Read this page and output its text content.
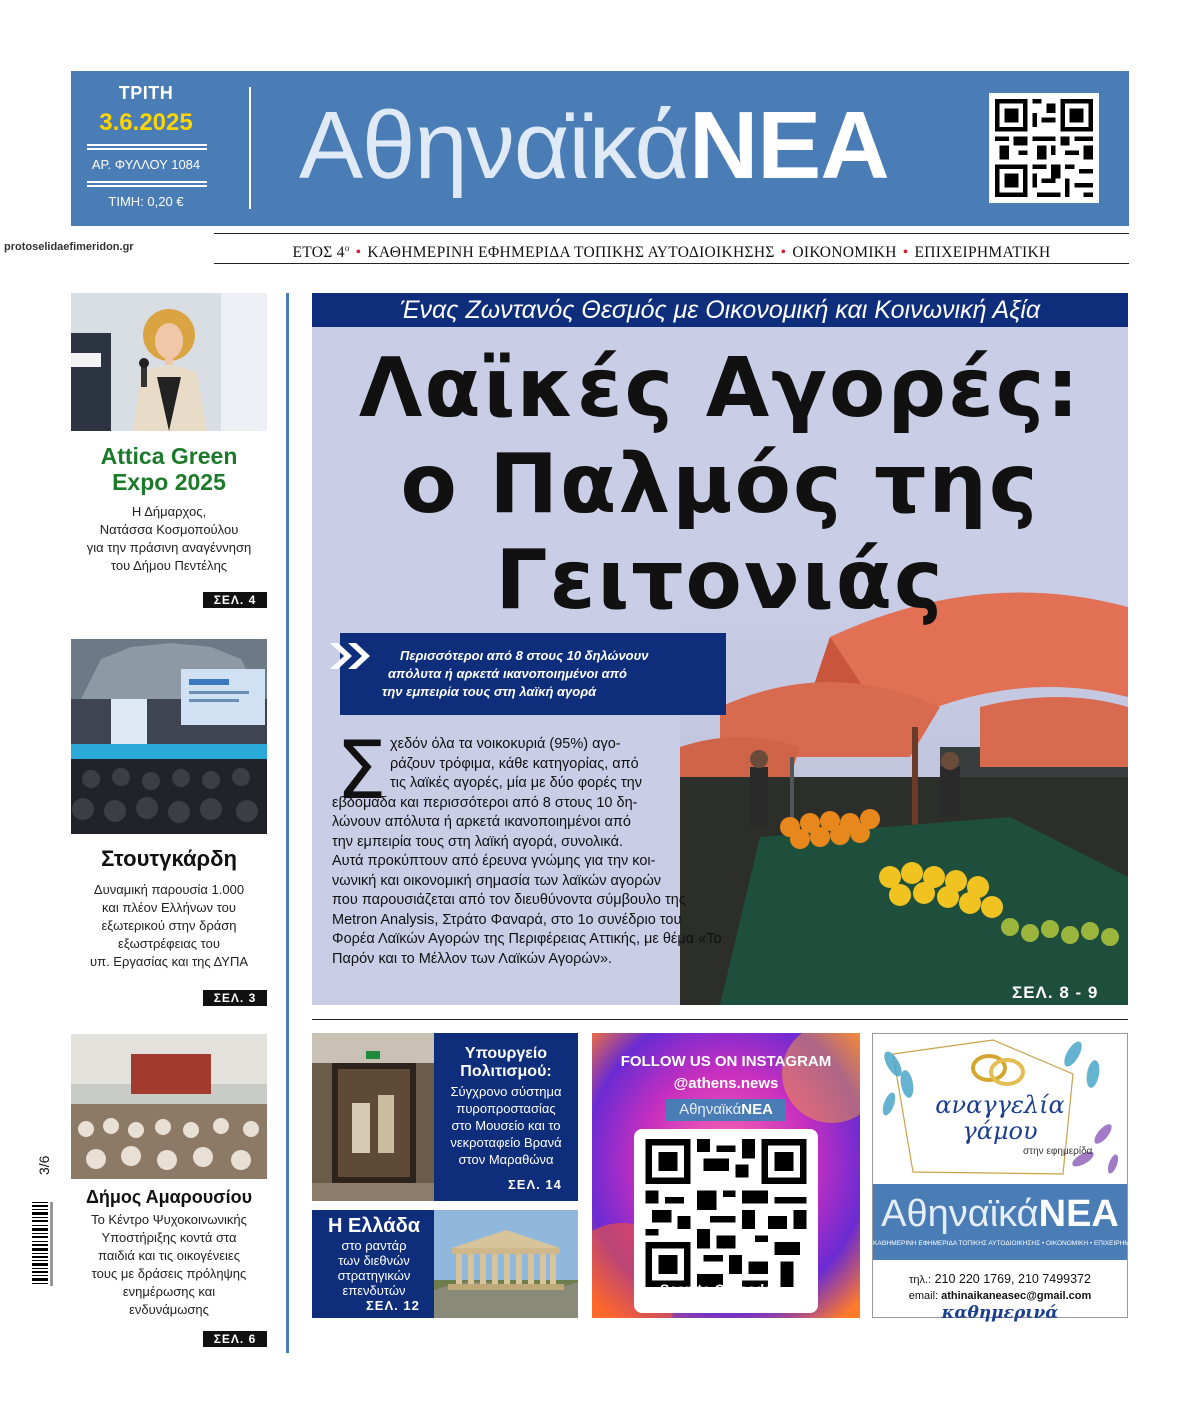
ΤΡΙΤΗ
3.6.2025
ΑΡ. ΦΥΛΛΟΥ 1084
ΤΙΜΗ: 0,20 €
ΑθηναϊκάΝΕΑ
protoselidaefimeridon.gr	ΕΤΟΣ $4^o$ • ΚΑΘΗΜΕΡΙΝΗ ΕΦΗΜΕΡΙΔΑ ΤΟΠΙΚΗΣ ΑΥΤΟΔΙΟΙΚΗΣΗΣ • ΟΙΚΟΝΟΜΙΚΗ • ΕΠΙΧΕΙΡΗΜΑΤΙΚΗ
Attica Green Expo 2025
Η Δήμαρχος,
Νατάσσα Κοσμοπούλου
για την πράσινη αναγέννηση
του Δήμου Πεντέλης
ΣΕΛ. 4
Στουτγκάρδη
Δυναμική παρουσία 1.000
και πλέον Ελλήνων του
εξωτερικού στην δράση
εξωστρέφειας του
υπ. Εργασίας και της ΔΥΠΑ
ΣΕΛ. 3
Δήμος Αμαρουσίου
Το Κέντρο Ψυχοκοινωνικής
Υποστήριξης κοντά στα
παιδιά και τις οικογένειες
τους με δράσεις πρόληψης
ενημέρωσης και
ενδυνάμωσης
ΣΕΛ. 6
3/6
Ένας Ζωντανός Θεσμός με Οικονομική και Κοινωνική Αξία
Λαϊκές Αγορές:
ο Παλμός της
Γειτονιάς
Περισσότεροι από 8 στους 10 δηλώνουν
απόλυτα ή αρκετά ικανοποιημένοι από
την εμπειρία τους στη λαϊκή αγορά
Σ χεδόν όλα τα νοικοκυριά (95%) αγο-
ράζουν τρόφιμα, κάθε κατηγορίας, από
τις λαϊκές αγορές, μία με δύο φορές την
εβδομάδα και περισσότεροι από 8 στους 10 δη-
λώνουν απόλυτα ή αρκετά ικανοποιημένοι από
την εμπειρία τους στη λαϊκή αγορά, συνολικά.
Αυτά προκύπτουν από έρευνα γνώμης για την κοι-
νωνική και οικονομική σημασία των λαϊκών αγορών
που παρουσιάζεται από τον διευθύνοντα σύμβουλο της
Metron Analysis, Στράτο Φαναρά, στο 1ο συνέδριο του
Φορέα Λαϊκών Αγορών της Περιφέρειας Αττικής, με θέμα «Το
Παρόν και το Μέλλον των Λαϊκών Αγορών».
ΣΕΛ. 8 - 9
Υπουργείο
Πολιτισμού:
Σύγχρονο σύστημα
πυροπροστασίας
στο Μουσείο και το
νεκροταφείο Βρανά
στον Μαραθώνα
ΣΕΛ. 14
Η Ελλάδα
στο ραντάρ
των διεθνών
στρατηγικών
επενδυτών
ΣΕΛ. 12
FOLLOW US ON INSTAGRAM
@athens.news
ΑθηναϊκάΝΕΑ
Scan to QR code
αναγγελία
γάμου
στην εφημερίδα
ΑθηναϊκάΝΕΑ
ΚΑΘΗΜΕΡΙΝΗ ΕΦΗΜΕΡΙΔΑ ΤΟΠΙΚΗΣ ΑΥΤΟΔΙΟΙΚΗΣΗΣ • ΟΙΚΟΝΟΜΙΚΗ • ΕΠΙΧΕΙΡΗΜΑΤΙΚΗ
τηλ.: 210 220 1769, 210 7499372
email: athinaikaneasec@gmail.com
καθημερινά
